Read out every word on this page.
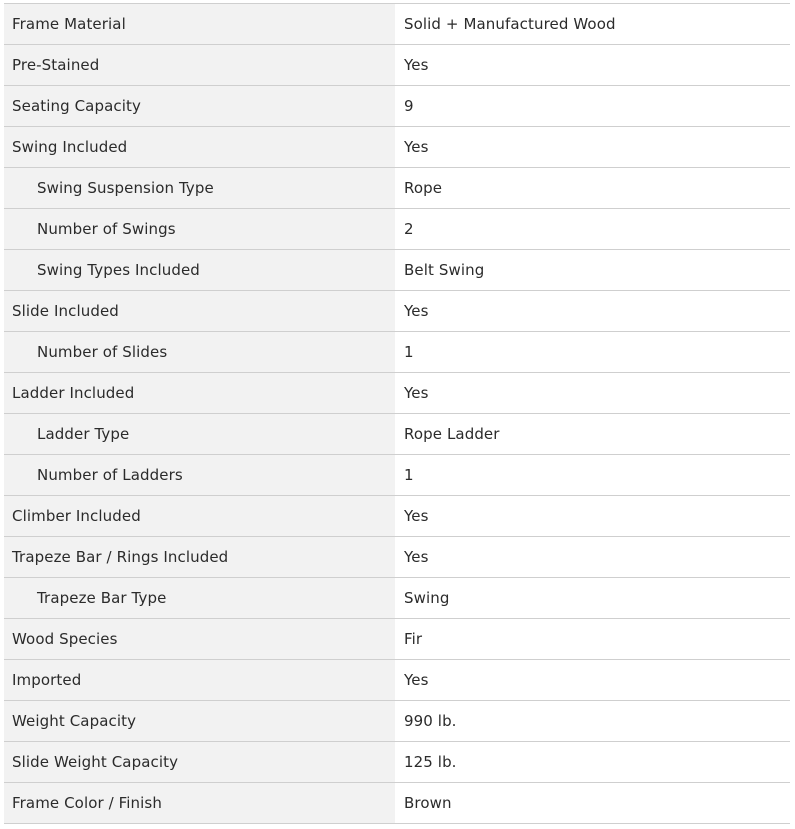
Frame Material	Solid + Manufactured Wood
Pre-Stained	Yes
Seating Capacity	9
Swing Included	Yes
Swing Suspension Type	Rope
Number of Swings	2
Swing Types Included	Belt Swing
Slide Included	Yes
Number of Slides	1
Ladder Included	Yes
Ladder Type	Rope Ladder
Number of Ladders	1
Climber Included	Yes
Trapeze Bar / Rings Included	Yes
Trapeze Bar Type	Swing
Wood Species	Fir
Imported	Yes
Weight Capacity	990 lb.
Slide Weight Capacity	125 lb.
Frame Color / Finish	Brown
